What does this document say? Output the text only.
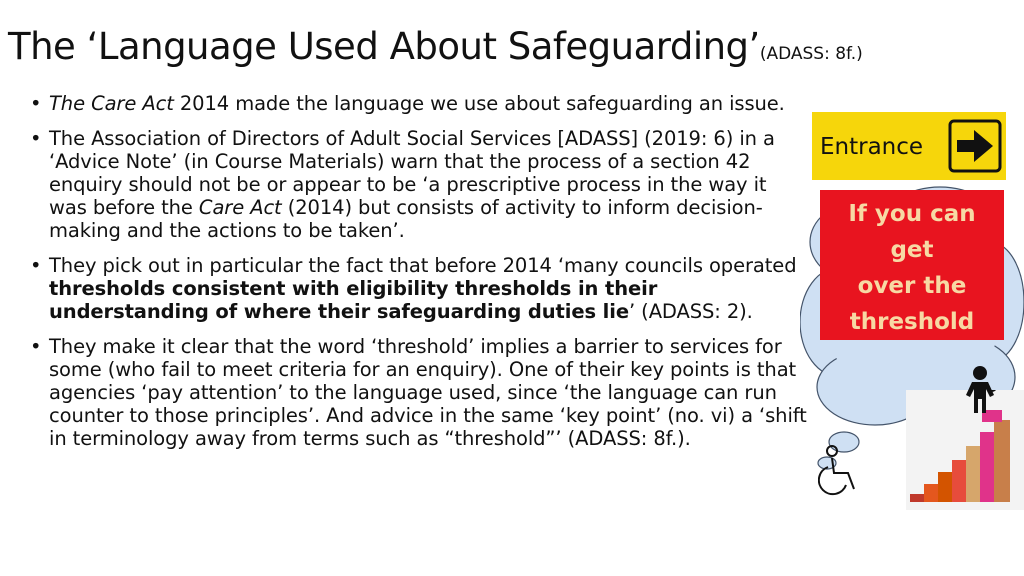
The ‘Language Used About Safeguarding’(ADASS: 8f.)
• The Care Act 2014 made the language we use about safeguarding an issue.
• The Association of Directors of Adult Social Services [ADASS] (2019: 6) in a ‘Advice Note’ (in Course Materials) warn that the process of a section 42 enquiry should not be or appear to be ‘a prescriptive process in the way it was before the Care Act (2014) but consists of activity to inform decision-making and the actions to be taken’.
• They pick out in particular the fact that before 2014 ‘many councils operated thresholds consistent with eligibility thresholds in their understanding of where their safeguarding duties lie’ (ADASS: 2).
• They make it clear that the word ‘threshold’ implies a barrier to services for some (who fail to meet criteria for an enquiry). One of their key points is that agencies ‘pay attention’ to the language used, since ‘the language can run counter to those principles’. And advice in the same ‘key point’ (no. vi) a ‘shift in terminology away from terms such as “threshold”’ (ADASS: 8f.).
Entrance
If you can
get
over the
threshold
